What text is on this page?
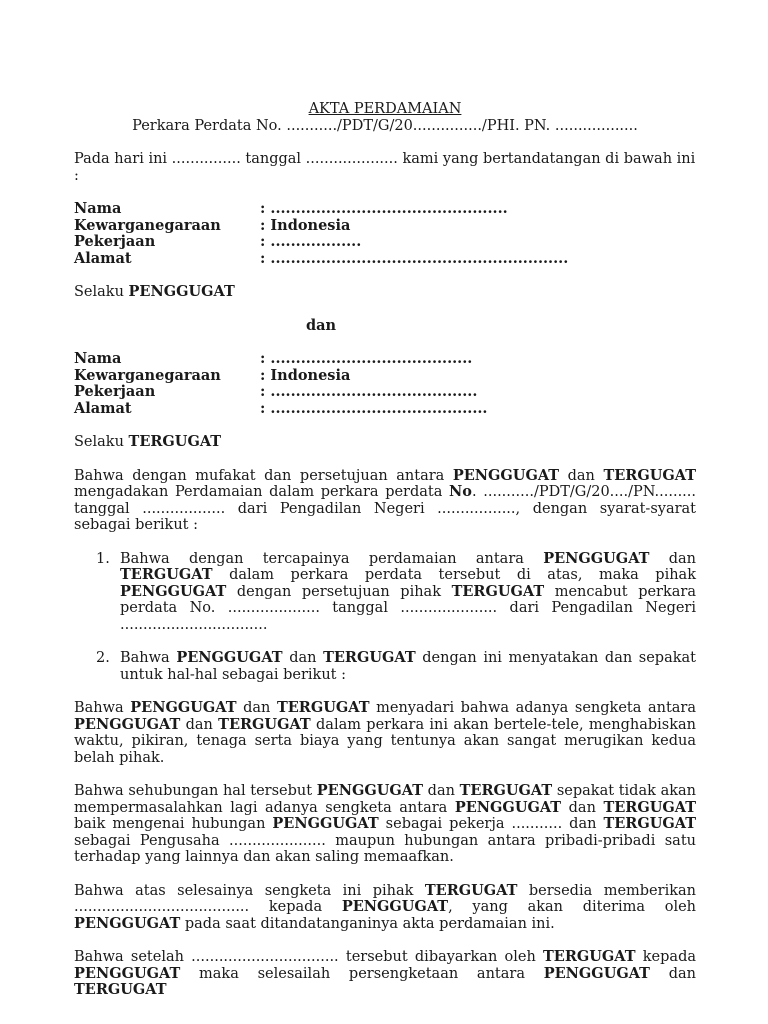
AKTA PERDAMAIAN

Perkara Perdata No. .........../PDT/G/20.............../PHI. PN. ..................

Pada hari ini ............... tanggal .................... kami yang bertandatangan di bawah ini :

Nama	: ...............................................
Kewarganegaraan	: Indonesia
Pekerjaan	: ..................
Alamat	: ...........................................................

Selaku PENGGUGAT

dan

Nama	: ........................................
Kewarganegaraan	: Indonesia
Pekerjaan	: .........................................
Alamat	: ...........................................

Selaku TERGUGAT

Bahwa dengan mufakat dan persetujuan antara PENGGUGAT dan TERGUGAT mengadakan Perdamaian dalam perkara perdata No. .........../PDT/G/20..../PN......... tanggal .................. dari Pengadilan Negeri ................., dengan syarat-syarat sebagai berikut :

1. Bahwa dengan tercapainya perdamaian antara PENGGUGAT dan TERGUGAT dalam perkara perdata tersebut di atas, maka pihak PENGGUGAT dengan persetujuan pihak TERGUGAT mencabut perkara perdata No. .................... tanggal ..................... dari Pengadilan Negeri ................................

2. Bahwa PENGGUGAT dan TERGUGAT dengan ini menyatakan dan sepakat untuk hal-hal sebagai berikut :

Bahwa PENGGUGAT dan TERGUGAT menyadari bahwa adanya sengketa antara PENGGUGAT dan TERGUGAT dalam perkara ini akan bertele-tele, menghabiskan waktu, pikiran, tenaga serta biaya yang tentunya akan sangat merugikan kedua belah pihak.

Bahwa sehubungan hal tersebut PENGGUGAT dan TERGUGAT sepakat tidak akan mempermasalahkan lagi adanya sengketa antara PENGGUGAT dan TERGUGAT baik mengenai hubungan PENGGUGAT sebagai pekerja ........... dan TERGUGAT sebagai Pengusaha ..................... maupun hubungan antara pribadi-pribadi satu terhadap yang lainnya dan akan saling memaafkan.

Bahwa atas selesainya sengketa ini pihak TERGUGAT bersedia memberikan ...................................... kepada PENGGUGAT, yang akan diterima oleh PENGGUGAT pada saat ditandatanganinya akta perdamaian ini.

Bahwa setelah ................................ tersebut dibayarkan oleh TERGUGAT kepada PENGGUGAT maka selesailah persengketaan antara PENGGUGAT dan TERGUGAT
